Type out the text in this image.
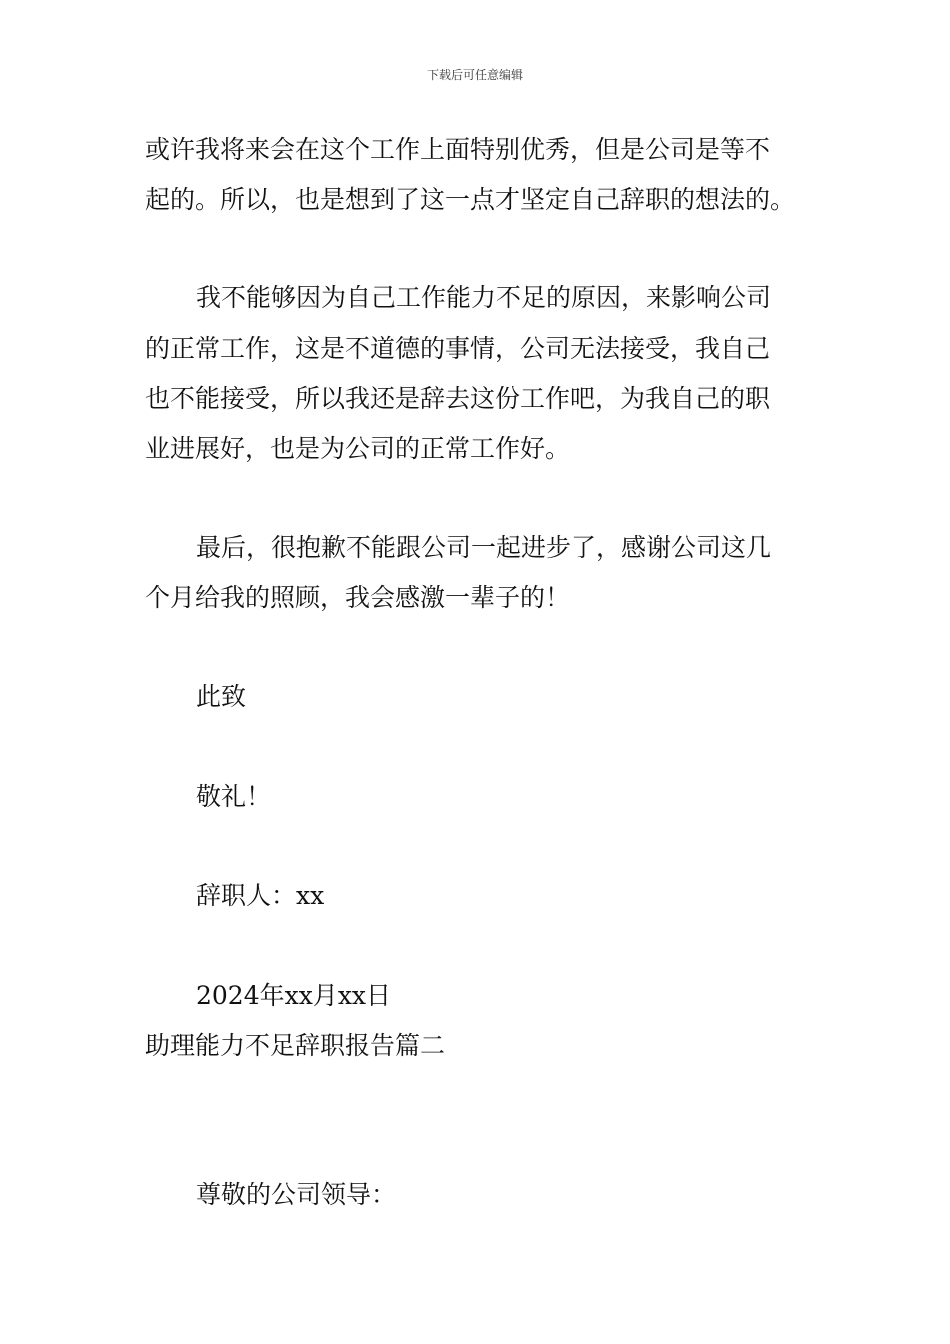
下载后可任意编辑
或许我将来会在这个工作上面特别优秀，但是公司是等不
起的。所以，也是想到了这一点才坚定自己辞职的想法的。
我不能够因为自己工作能力不足的原因，来影响公司
的正常工作，这是不道德的事情，公司无法接受，我自己
也不能接受，所以我还是辞去这份工作吧，为我自己的职
业进展好，也是为公司的正常工作好。
最后，很抱歉不能跟公司一起进步了，感谢公司这几
个月给我的照顾，我会感激一辈子的！
此致
敬礼！
辞职人：xx
2024年xx月xx日
助理能力不足辞职报告篇二
尊敬的公司领导：
